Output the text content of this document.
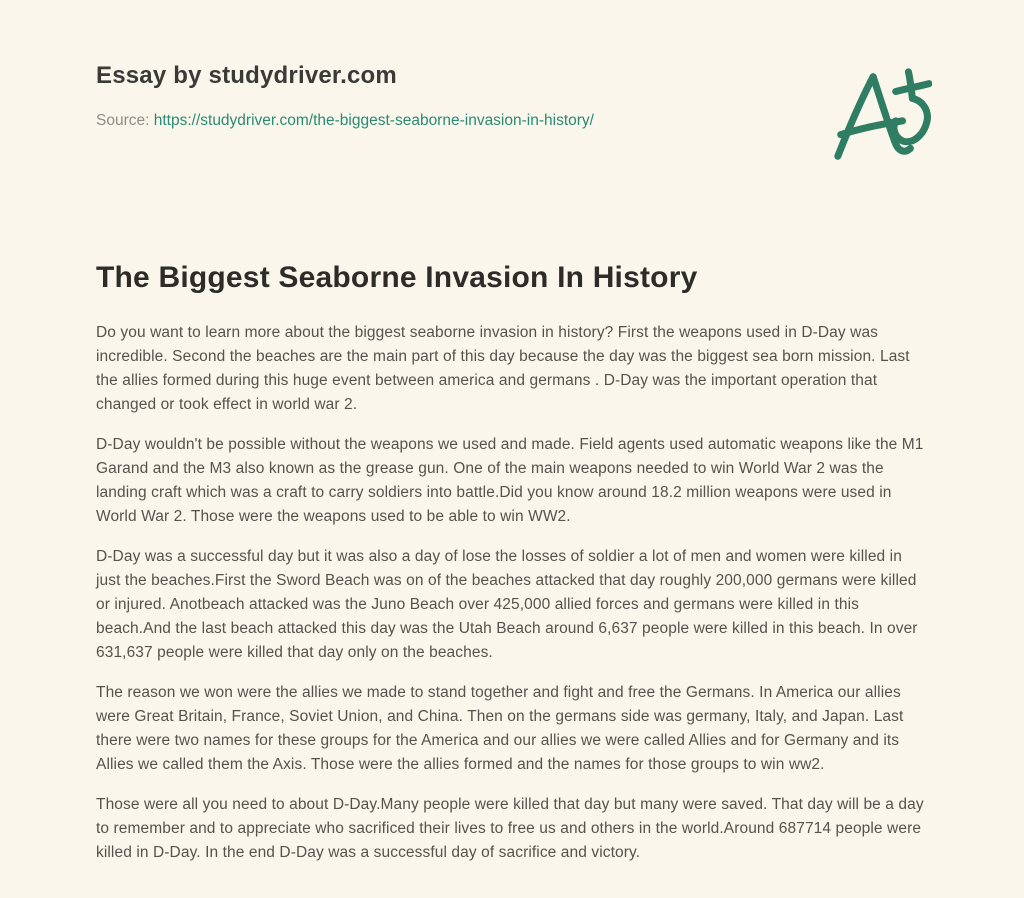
Essay by studydriver.com
Source: https://studydriver.com/the-biggest-seaborne-invasion-in-history/
The Biggest Seaborne Invasion In History

Do you want to learn more about the biggest seaborne invasion in history? First the weapons used in D-Day was incredible. Second the beaches are the main part of this day because the day was the biggest sea born mission. Last the allies formed during this huge event between america and germans . D-Day was the important operation that changed or took effect in world war 2.

D-Day wouldn't be possible without the weapons we used and made. Field agents used automatic weapons like the M1 Garand and the M3 also known as the grease gun. One of the main weapons needed to win World War 2 was the landing craft which was a craft to carry soldiers into battle.Did you know around 18.2 million weapons were used in World War 2. Those were the weapons used to be able to win WW2.

D-Day was a successful day but it was also a day of lose the losses of soldier a lot of men and women were killed in just the beaches.First the Sword Beach was on of the beaches attacked that day roughly 200,000 germans were killed or injured. Anotbeach attacked was the Juno Beach over 425,000 allied forces and germans were killed in this beach.And the last beach attacked this day was the Utah Beach around 6,637 people were killed in this beach. In over 631,637 people were killed that day only on the beaches.

The reason we won were the allies we made to stand together and fight and free the Germans. In America our allies were Great Britain, France, Soviet Union, and China. Then on the germans side was germany, Italy, and Japan. Last there were two names for these groups for the America and our allies we were called Allies and for Germany and its Allies we called them the Axis. Those were the allies formed and the names for those groups to win ww2.

Those were all you need to about D-Day.Many people were killed that day but many were saved. That day will be a day to remember and to appreciate who sacrificed their lives to free us and others in the world.Around 687714 people were killed in D-Day. In the end D-Day was a successful day of sacrifice and victory.
